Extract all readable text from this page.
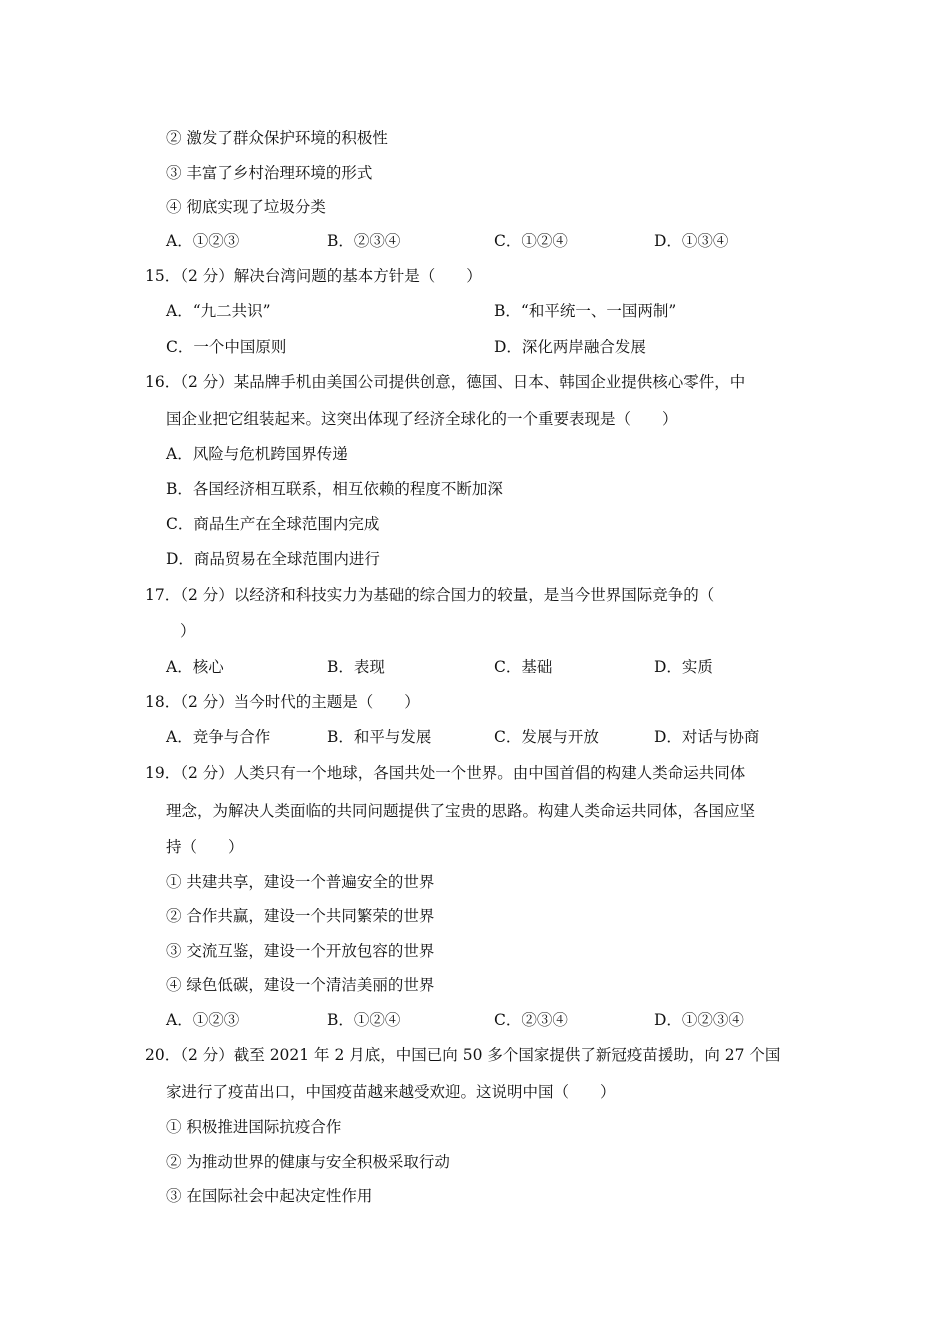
② 激发了群众保护环境的积极性
③ 丰富了乡村治理环境的形式
④ 彻底实现了垃圾分类
A．①②③	B．②③④	C．①②④	D．①③④
15．（2 分）解决台湾问题的基本方针是（　　）
A．“九二共识”	B．“和平统一、一国两制”
C．一个中国原则	D．深化两岸融合发展
16．（2 分）某品牌手机由美国公司提供创意，德国、日本、韩国企业提供核心零件，中
国企业把它组装起来。这突出体现了经济全球化的一个重要表现是（　　）
A．风险与危机跨国界传递
B．各国经济相互联系，相互依赖的程度不断加深
C．商品生产在全球范围内完成
D．商品贸易在全球范围内进行
17．（2 分）以经济和科技实力为基础的综合国力的较量，是当今世界国际竞争的（
）
A．核心	B．表现	C．基础	D．实质
18．（2 分）当今时代的主题是（　　）
A．竞争与合作	B．和平与发展	C．发展与开放	D．对话与协商
19．（2 分）人类只有一个地球，各国共处一个世界。由中国首倡的构建人类命运共同体
理念，为解决人类面临的共同问题提供了宝贵的思路。构建人类命运共同体，各国应坚
持（　　）
① 共建共享，建设一个普遍安全的世界
② 合作共赢，建设一个共同繁荣的世界
③ 交流互鉴，建设一个开放包容的世界
④ 绿色低碳，建设一个清洁美丽的世界
A．①②③	B．①②④	C．②③④	D．①②③④
20．（2 分）截至 2021 年 2 月底，中国已向 50 多个国家提供了新冠疫苗援助，向 27 个国
家进行了疫苗出口，中国疫苗越来越受欢迎。这说明中国（　　）
① 积极推进国际抗疫合作
② 为推动世界的健康与安全积极采取行动
③ 在国际社会中起决定性作用
